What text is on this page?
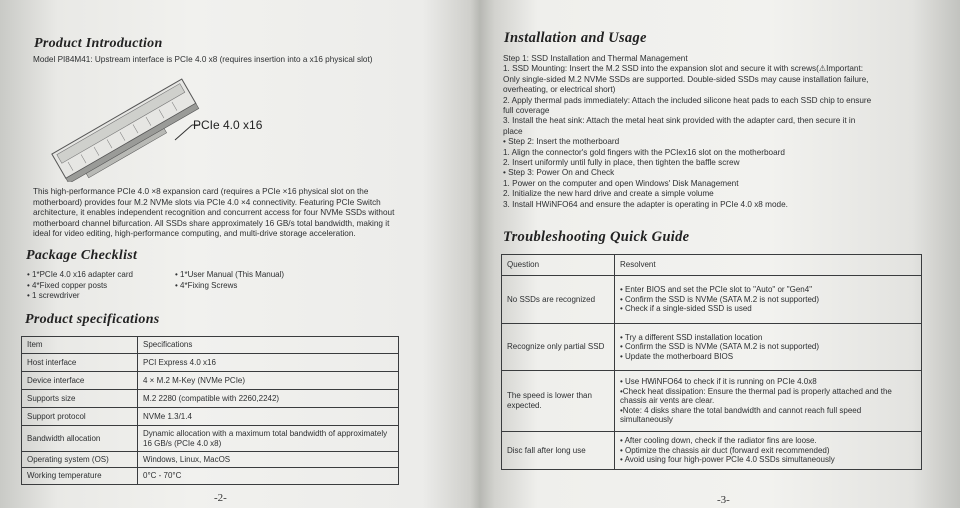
Product Introduction
Model PI84M41: Upstream interface is PCIe 4.0 x8 (requires insertion into a x16 physical slot)
PCIe 4.0 x16
This high-performance PCIe 4.0 ×8 expansion card (requires a PCIe ×16 physical slot on the
motherboard) provides four M.2 NVMe slots via PCIe 4.0 ×4 connectivity. Featuring PCIe Switch
architecture, it enables independent recognition and concurrent access for four NVMe SSDs without
motherboard channel bifurcation. All SSDs share approximately 16 GB/s total bandwidth, making it
ideal for video editing, high-performance computing, and multi-drive storage acceleration.
Package Checklist
• 1*PCIe 4.0 x16 adapter card
• 4*Fixed copper posts
• 1 screwdriver
• 1*User Manual (This Manual)
• 4*Fixing Screws
Product specifications
Item	Specifications
Host interface	PCI Express 4.0 x16
Device interface	4 × M.2 M-Key (NVMe PCIe)
Supports size	M.2 2280 (compatible with 2260,2242)
Support protocol	NVMe 1.3/1.4
Bandwidth allocation	Dynamic allocation with a maximum total bandwidth of approximately 16 GB/s (PCIe 4.0 x8)
Operating system (OS)	Windows, Linux, MacOS
Working temperature	0°C - 70°C
-2-
Installation and Usage
Step 1: SSD Installation and Thermal Management
1. SSD Mounting: Insert the M.2 SSD into the expansion slot and secure it with screws(⚠Important:
Only single-sided M.2 NVMe SSDs are supported. Double-sided SSDs may cause installation failure,
overheating, or electrical short)
2. Apply thermal pads immediately: Attach the included silicone heat pads to each SSD chip to ensure
full coverage
3. Install the heat sink: Attach the metal heat sink provided with the adapter card, then secure it in
place
• Step 2: Insert the motherboard
1. Align the connector's gold fingers with the PCIex16 slot on the motherboard
2. Insert uniformly until fully in place, then tighten the baffle screw
• Step 3: Power On and Check
1. Power on the computer and open Windows' Disk Management
2. Initialize the new hard drive and create a simple volume
3. Install HWiNFO64 and ensure the adapter is operating in PCIe 4.0 x8 mode.
Troubleshooting Quick Guide
Question	Resolvent
No SSDs are recognized	• Enter BIOS and set the PCIe slot to "Auto" or "Gen4"
• Confirm the SSD is NVMe (SATA M.2 is not supported)
• Check if a single-sided SSD is used

Recognize only partial SSD	• Try a different SSD installation location
• Confirm the SSD is NVMe (SATA M.2 is not supported)
• Update the motherboard BIOS

The speed is lower than expected.	• Use HWiNFO64 to check if it is running on PCIe 4.0x8
•Check heat dissipation: Ensure the thermal pad is properly attached and the chassis air vents are clear.
•Note: 4 disks share the total bandwidth and cannot reach full speed simultaneously

Disc fall after long use	• After cooling down, check if the radiator fins are loose.
• Optimize the chassis air duct (forward exit recommended)
• Avoid using four high-power PCIe 4.0 SSDs simultaneously
-3-
